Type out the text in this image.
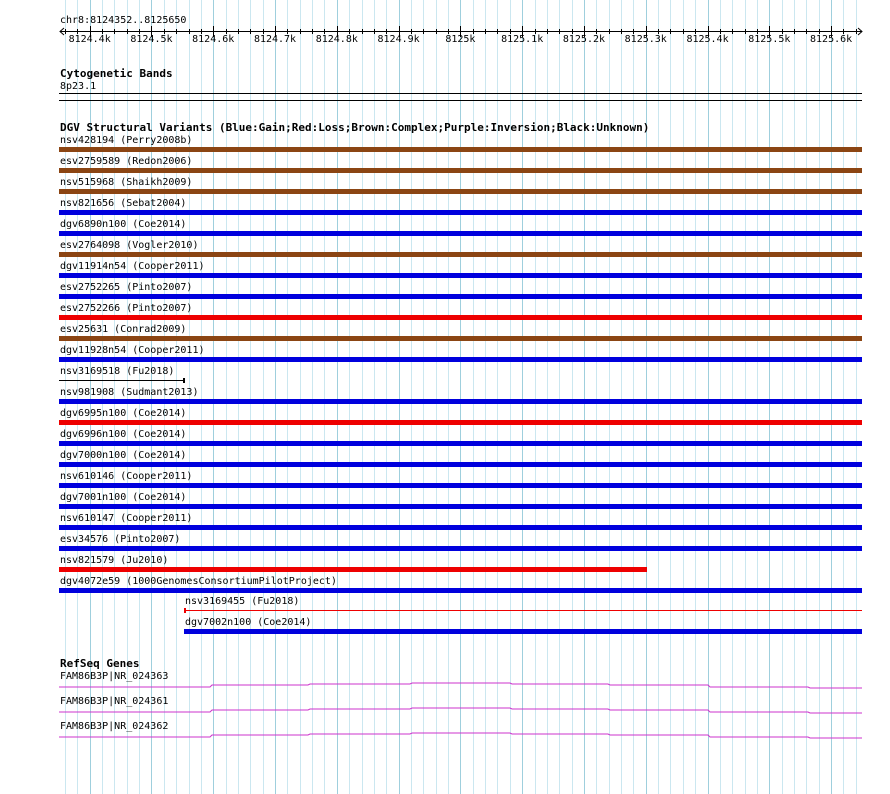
chr8:8124352..8125650
8124.4k 8124.5k 8124.6k 8124.7k 8124.8k 8124.9k	8125k	8125.1k 8125.2k 8125.3k 8125.4k 8125.5k 8125.6k
Cytogenetic Bands
8p23.1
DGV Structural Variants (Blue:Gain;Red:Loss;Brown:Complex;Purple:Inversion;Black:Unknown)
nsv428194 (Perry2008b)
esv2759589 (Redon2006)
nsv515968 (Shaikh2009)
nsv821656 (Sebat2004)
dgv6890n100 (Coe2014)
esv2764098 (Vogler2010)
dgv11914n54 (Cooper2011)
esv2752265 (Pinto2007)
esv2752266 (Pinto2007)
esv25631 (Conrad2009)
dgv11928n54 (Cooper2011)
nsv3169518 (Fu2018)
nsv981908 (Sudmant2013)
dgv6995n100 (Coe2014)
dgv6996n100 (Coe2014)
dgv7000n100 (Coe2014)
nsv610146 (Cooper2011)
dgv7001n100 (Coe2014)
nsv610147 (Cooper2011)
esv34576 (Pinto2007)
nsv821579 (Ju2010)
dgv4072e59 (1000GenomesConsortiumPilotProject)
nsv3169455 (Fu2018)
dgv7002n100 (Coe2014)
RefSeq Genes
FAM86B3P|NR_024363
FAM86B3P|NR_024361
FAM86B3P|NR_024362
